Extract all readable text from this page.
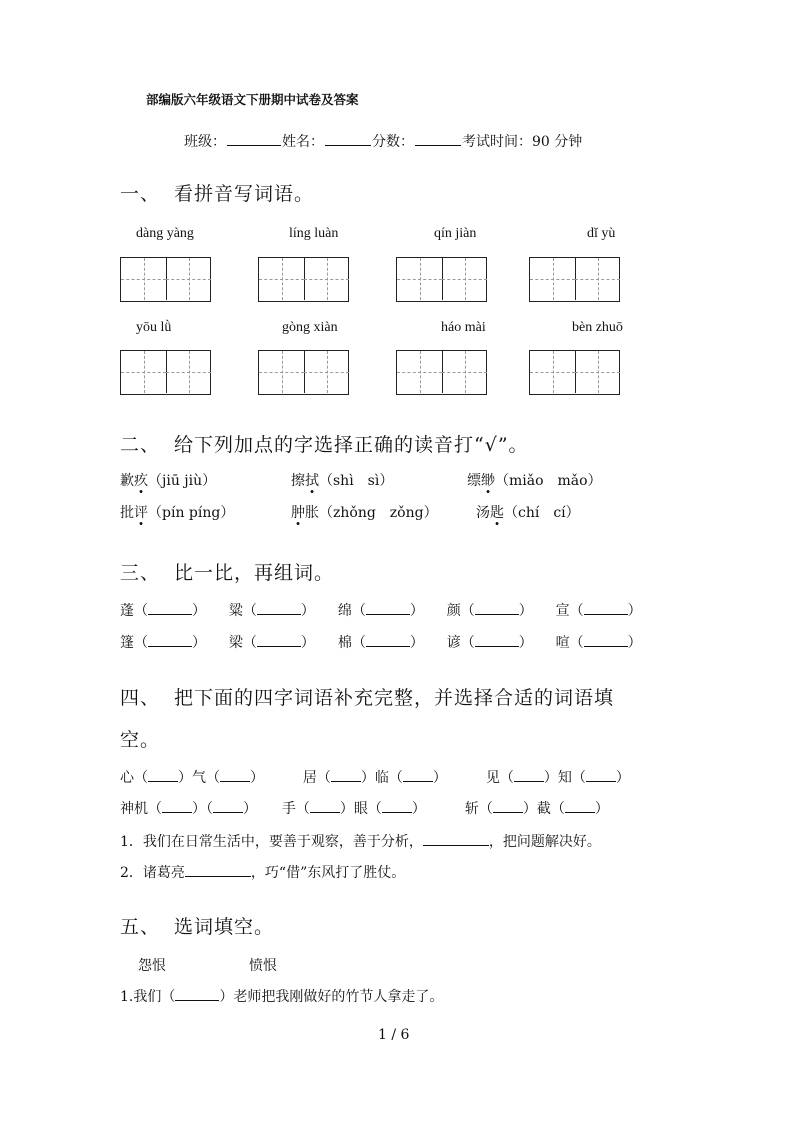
部编版六年级语文下册期中试卷及答案
班级：	姓名：	分数：	考试时间：90 分钟
一、 看拼音写词语。
dàng yàng	líng luàn	qín jiàn	dǐ yù
yōu lǜ	gòng xiàn	háo mài	bèn zhuō
二、 给下列加点的字选择正确的读音打“√”。
歉疚（jiū jiù）	擦拭（shì　sì）	缥缈（miǎo　mǎo）
批评（pín píng）	肿胀（zhǒng　zǒng）	汤匙（chí　cí）
三、 比一比，再组词。
蓬（	） 粱（	） 绵（	） 颜（	） 宣（	）
篷（	） 梁（	） 棉（	） 谚（	） 喧（	）
四、 把下面的四字词语补充完整，并选择合适的词语填
空。
心（ ）气（ ）	居（ ）临（ ）	见（ ）知（ ）
神机（ ）（ ） 手（ ）眼（ ）	斩（ ）截（ ）
1．我们在日常生活中，要善于观察，善于分析，	，把问题解决好。
2．诸葛亮	，巧“借”东风打了胜仗。
五、 选词填空。
怨恨	愤恨
1.我们（	）老师把我刚做好的竹节人拿走了。
1 / 6
